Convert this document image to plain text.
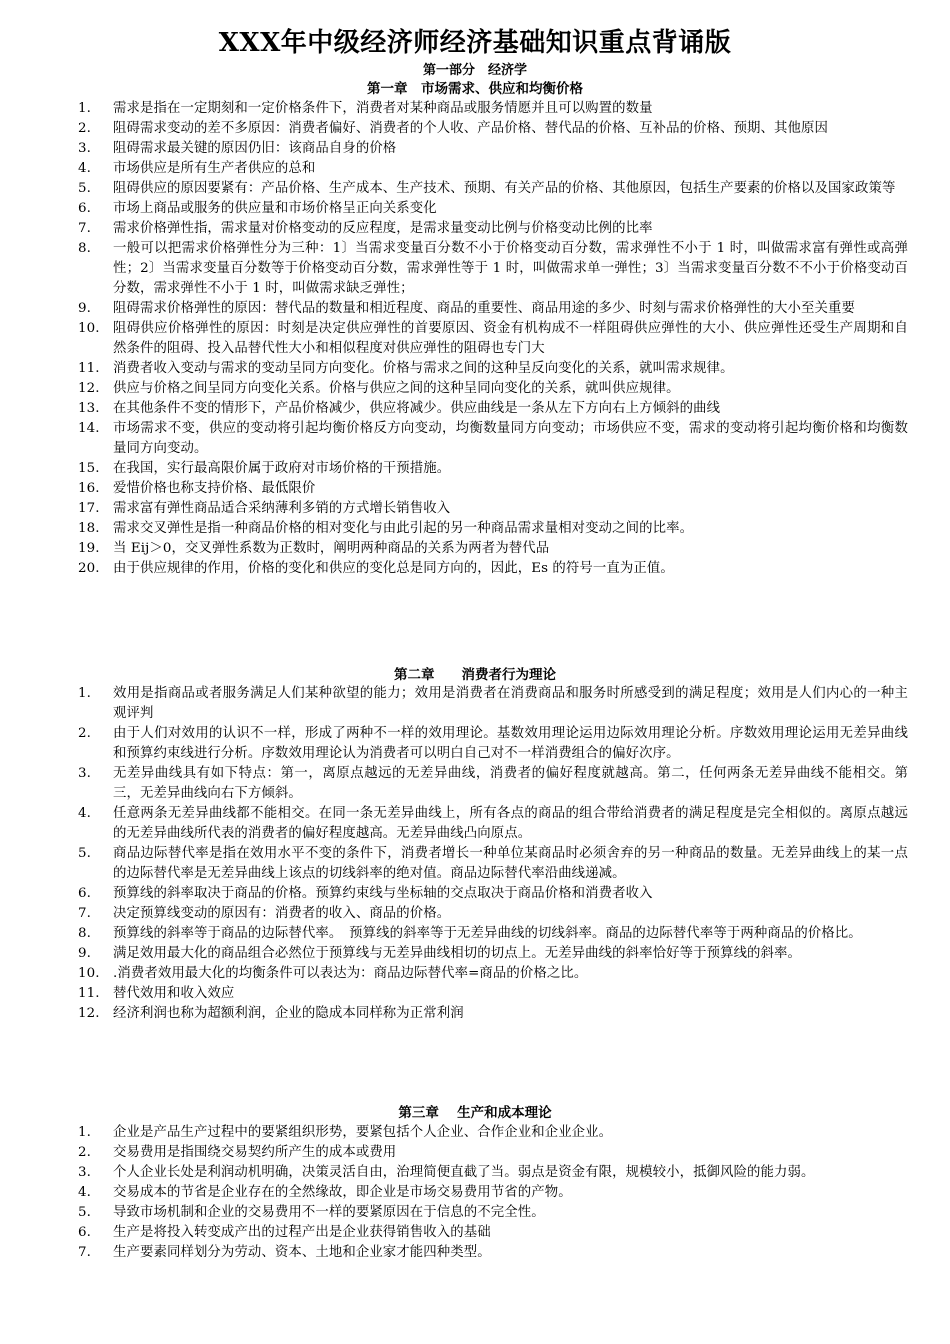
XXX年中级经济师经济基础知识重点背诵版
第一部分　经济学
第一章　市场需求、供应和均衡价格
1.	需求是指在一定期刻和一定价格条件下，消费者对某种商品或服务情愿并且可以购置的数量
2.	阻碍需求变动的差不多原因：消费者偏好、消费者的个人收、产品价格、替代品的价格、互补品的价格、预期、其他原因
3.	阻碍需求最关键的原因仍旧：该商品自身的价格
4.	市场供应是所有生产者供应的总和
5.	阻碍供应的原因要紧有：产品价格、生产成本、生产技术、预期、有关产品的价格、其他原因，包括生产要素的价格以及国家政策等
6.	市场上商品或服务的供应量和市场价格呈正向关系变化
7.	需求价格弹性指，需求量对价格变动的反应程度，是需求量变动比例与价格变动比例的比率
8.	一般可以把需求价格弹性分为三种：1〕当需求变量百分数不小于价格变动百分数，需求弹性不小于 1 时，叫做需求富有弹性或高弹性；2〕当需求变量百分数等于价格变动百分数，需求弹性等于 1 时，叫做需求单一弹性；3〕当需求变量百分数不不小于价格变动百分数，需求弹性不小于 1 时，叫做需求缺乏弹性；
9.	阻碍需求价格弹性的原因：替代品的数量和相近程度、商品的重要性、商品用途的多少、时刻与需求价格弹性的大小至关重要
10. 阻碍供应价格弹性的原因：时刻是决定供应弹性的首要原因、资金有机构成不一样阻碍供应弹性的大小、供应弹性还受生产周期和自然条件的阻碍、投入品替代性大小和相似程度对供应弹性的阻碍也专门大
11. 消费者收入变动与需求的变动呈同方向变化。价格与需求之间的这种呈反向变化的关系，就叫需求规律。
12. 供应与价格之间呈同方向变化关系。价格与供应之间的这种呈同向变化的关系，就叫供应规律。
13. 在其他条件不变的情形下，产品价格减少，供应将减少。供应曲线是一条从左下方向右上方倾斜的曲线
14. 市场需求不变，供应的变动将引起均衡价格反方向变动，均衡数量同方向变动；市场供应不变，需求的变动将引起均衡价格和均衡数量同方向变动。
15. 在我国，实行最高限价属于政府对市场价格的干预措施。
16. 爱惜价格也称支持价格、最低限价
17. 需求富有弹性商品适合采纳薄利多销的方式增长销售收入
18. 需求交叉弹性是指一种商品价格的相对变化与由此引起的另一种商品需求量相对变动之间的比率。
19. 当 Eij＞0，交叉弹性系数为正数时，阐明两种商品的关系为两者为替代品
20. 由于供应规律的作用，价格的变化和供应的变化总是同方向的，因此，Es 的符号一直为正值。
第二章　　消费者行为理论
1.	效用是指商品或者服务满足人们某种欲望的能力；效用是消费者在消费商品和服务时所感受到的满足程度；效用是人们内心的一种主观评判
2.	由于人们对效用的认识不一样，形成了两种不一样的效用理论。基数效用理论运用边际效用理论分析。序数效用理论运用无差异曲线和预算约束线进行分析。序数效用理论认为消费者可以明白自己对不一样消费组合的偏好次序。
3.	无差异曲线具有如下特点：第一，离原点越远的无差异曲线，消费者的偏好程度就越高。第二，任何两条无差异曲线不能相交。第三，无差异曲线向右下方倾斜。
4.	任意两条无差异曲线都不能相交。在同一条无差异曲线上，所有各点的商品的组合带给消费者的满足程度是完全相似的。离原点越远的无差异曲线所代表的消费者的偏好程度越高。无差异曲线凸向原点。
5.	商品边际替代率是指在效用水平不变的条件下，消费者增长一种单位某商品时必须舍弃的另一种商品的数量。无差异曲线上的某一点的边际替代率是无差异曲线上该点的切线斜率的绝对值。商品边际替代率沿曲线递减。
6.	预算线的斜率取决于商品的价格。预算约束线与坐标轴的交点取决于商品价格和消费者收入
7.	决定预算线变动的原因有：消费者的收入、商品的价格。
8.	预算线的斜率等于商品的边际替代率。　预算线的斜率等于无差异曲线的切线斜率。商品的边际替代率等于两种商品的价格比。
9.	满足效用最大化的商品组合必然位于预算线与无差异曲线相切的切点上。无差异曲线的斜率恰好等于预算线的斜率。
10. .消费者效用最大化的均衡条件可以表达为：商品边际替代率=商品的价格之比。
11. 替代效用和收入效应
12. 经济利润也称为超额利润，企业的隐成本同样称为正常利润
第三章　 生产和成本理论
1.	企业是产品生产过程中的要紧组织形势，要紧包括个人企业、合作企业和企业企业。
2.	交易费用是指围绕交易契约所产生的成本或费用
3.	个人企业长处是利润动机明确，决策灵活自由，治理简便直截了当。弱点是资金有限，规模较小，抵御风险的能力弱。
4.	交易成本的节省是企业存在的全然缘故，即企业是市场交易费用节省的产物。
5.	导致市场机制和企业的交易费用不一样的要紧原因在于信息的不完全性。
6.	生产是将投入转变成产出的过程产出是企业获得销售收入的基础
7.	生产要素同样划分为劳动、资本、土地和企业家才能四种类型。
